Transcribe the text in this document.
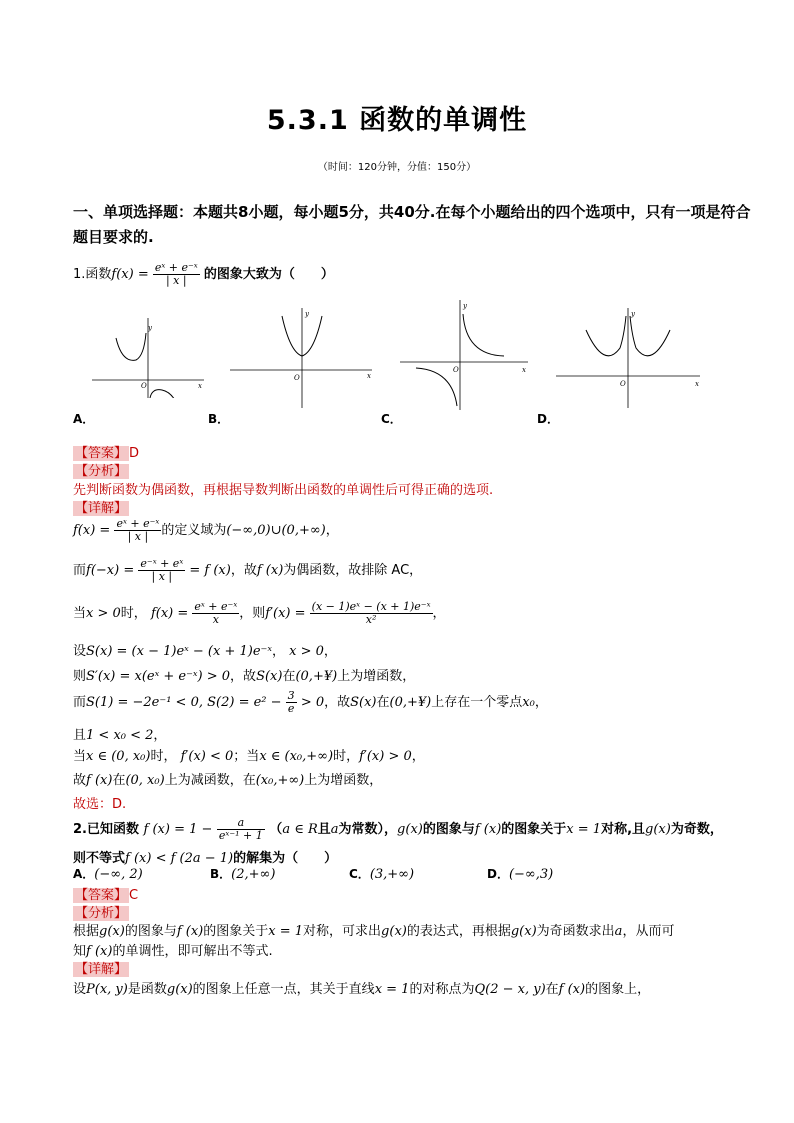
5.3.1 函数的单调性
（时间：120分钟，分值：150分）
一、单项选择题：本题共8小题，每小题5分，共40分.在每个小题给出的四个选项中，只有一项是符合题目要求的.
1.函数$f(x) = \frac{\text{eˣ + e⁻ˣ}}{| x |}$ 的图象大致为（　　）
y
x
O
y
x
O
y
x
O
y
x
O
A．	B．	C．	D．
【答案】 D
【分析】
先判断函数为偶函数，再根据导数判断出函数的单调性后可得正确的选项.
【详解】
$f(x) = \frac{\text{eˣ + e⁻ˣ}}{| x |}$ 的定义域为(−∞,0)∪(0,+∞)，
而$f(-x) = \frac{\text{e⁻ˣ + eˣ}}{| x |} = f$ (x)，故f (x)为偶函数，故排除 AC，
当x > 0时， $f(x) = \frac{\text{eˣ + e⁻ˣ}}{x}$ ，则$f'(x) = \frac{\text{(x − 1)eˣ − (x + 1)e⁻ˣ}}{\text{x²}}$ ，
设S(x) = (x − 1)eˣ − (x + 1)e⁻ˣ， x > 0，
则S′(x) = x(eˣ + e⁻ˣ) > 0，故S(x)在(0,+¥)上为增函数，
而S(1) = −2e⁻¹ < 0, $S(2) = e^2 - \frac{3}{e} > 0$，故S(x)在(0,+¥)上存在一个零点x₀，
且1 < x₀ < 2，
当x ∈ (0, x₀)时， f′(x) < 0；当x ∈ (x₀,+∞)时，f′(x) > 0，
故f (x)在(0, x₀)上为减函数，在(x₀,+∞)上为增函数，
故选：D.
2.已知函数 f $(x) = 1 - \frac{a}{\text{eˣ⁻¹ + 1}} (a$ ∈ R且a为常数），g(x)的图象与f (x)的图象关于x = 1对称,且g(x)为奇数，
则不等式f (x) < f (2a − 1)的解集为（　　）
A．(−∞, 2)	B．(2,+∞)	C．(3,+∞)	D．(−∞,3)
【答案】 C
【分析】
根据g(x)的图象与f (x)的图象关于x = 1对称，可求出g(x)的表达式，再根据g(x)为奇函数求出a，从而可
知f (x)的单调性，即可解出不等式.
【详解】
设P(x, y)是函数g(x)的图象上任意一点，其关于直线x = 1的对称点为Q(2 − x, y)在f (x)的图象上，
